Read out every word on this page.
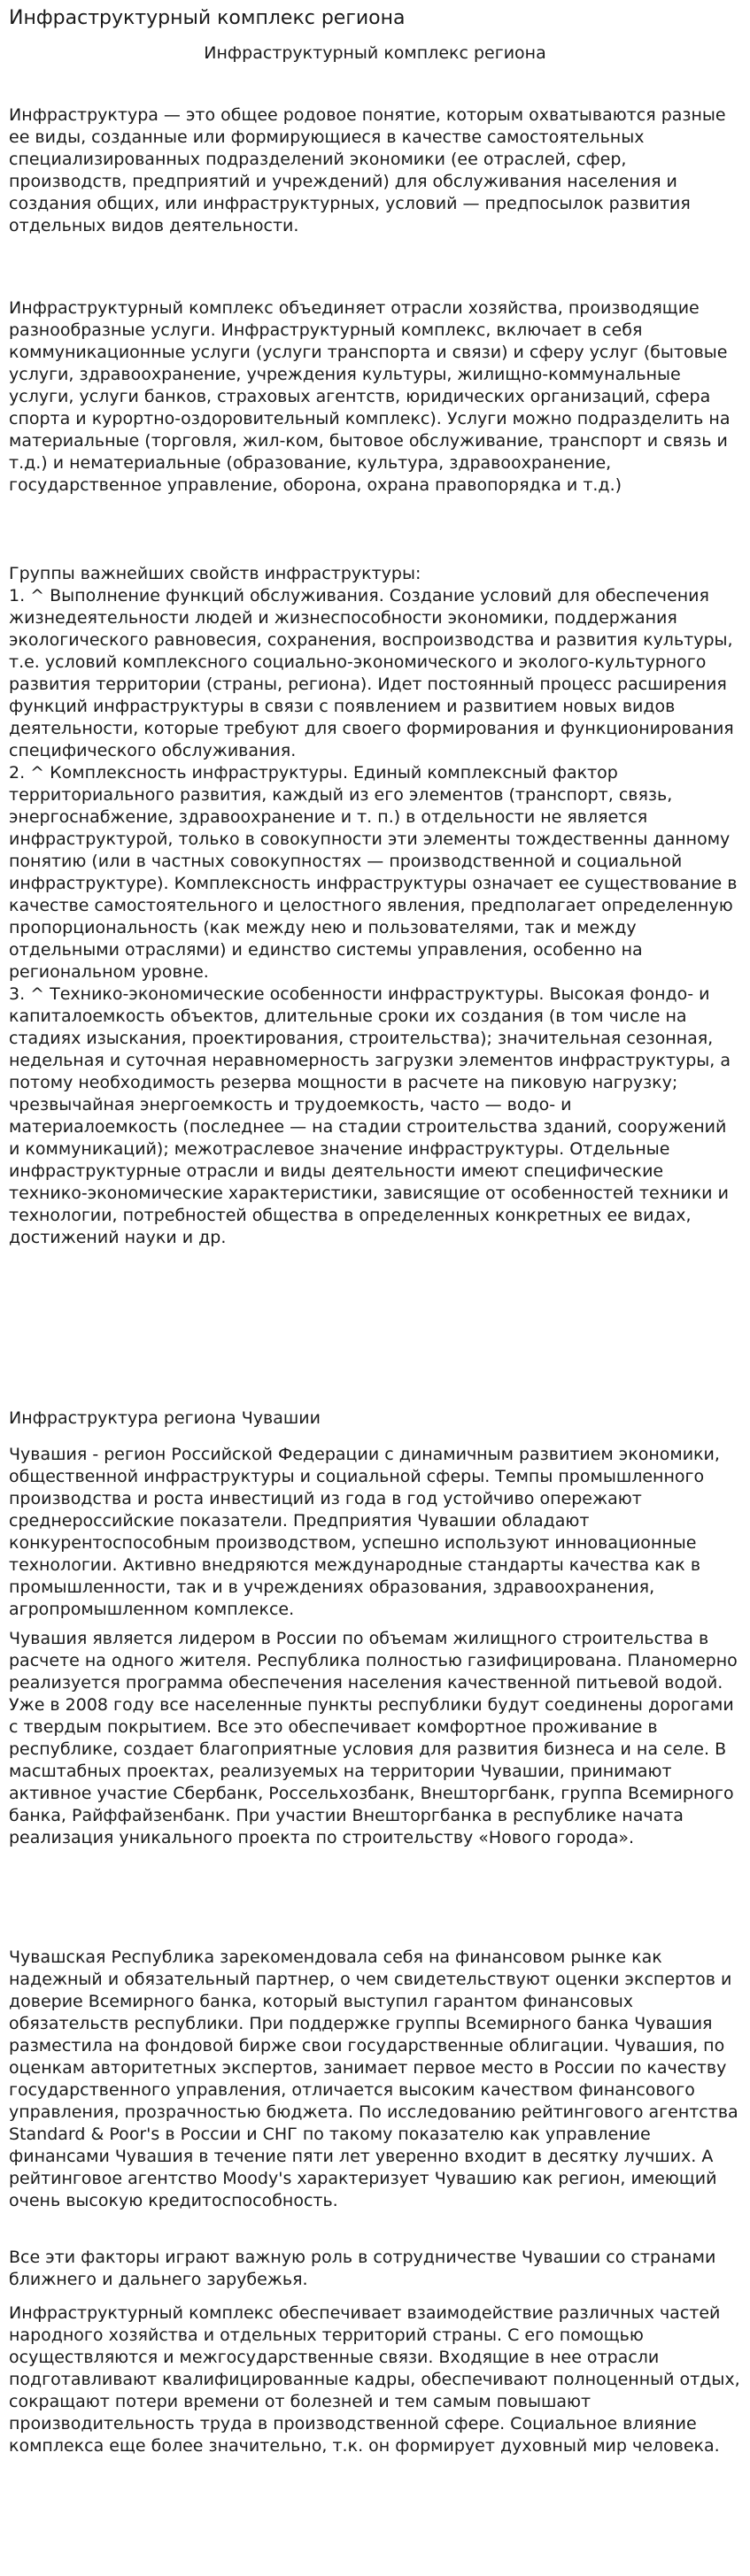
Инфраструктурный комплекс региона
Инфраструктурный комплекс региона

Инфраструктура — это общее родовое понятие, которым охватываются разные ее виды, созданные или формирующиеся в качестве самостоятельных специализированных подразделений экономики (ее отраслей, сфер, производств, предприятий и учреждений) для обслуживания населения и создания общих, или инфраструктурных, условий — предпосылок развития отдельных видов деятельности.

Инфраструктурный комплекс объединяет отрасли хозяйства, производящие разнообразные услуги. Инфраструктурный комплекс, включает в себя коммуникационные услуги (услуги транспорта и связи) и сферу услуг (бытовые услуги, здравоохранение, учреждения культуры, жилищно-коммунальные услуги, услуги банков, страховых агентств, юридических организаций, сфера спорта и курортно-оздоровительный комплекс). Услуги можно подразделить на материальные (торговля, жил-ком, бытовое обслуживание, транспорт и связь и т.д.) и нематериальные (образование, культура, здравоохранение, государственное управление, оборона, охрана правопорядка и т.д.)

Группы важнейших свойств инфраструктуры:

1. ^ Выполнение функций обслуживания. Создание условий для обеспечения жизнедеятельности людей и жизнеспособности экономики, поддержания экологического равновесия, сохранения, воспроизводства и развития культуры, т.е. условий комплексного социально-экономического и эколого-культурного развития территории (страны, региона). Идет постоянный процесс расширения функций инфраструктуры в связи с появлением и развитием новых видов деятельности, которые требуют для своего формирования и функционирования специфического обслуживания.

2. ^ Комплексность инфраструктуры. Единый комплексный фактор территориального развития, каждый из его элементов (транспорт, связь, энергоснабжение, здравоохранение и т. п.) в отдельности не является инфраструктурой, только в совокупности эти элементы тождественны данному понятию (или в частных совокупностях — производственной и социальной инфраструктуре). Комплексность инфраструктуры означает ее существование в качестве самостоятельного и целостного явления, предполагает определенную пропорциональность (как между нею и пользователями, так и между отдельными отраслями) и единство системы управления, особенно на региональном уровне.

3. ^ Технико-экономические особенности инфраструктуры. Высокая фондо- и капиталоемкость объектов, длительные сроки их создания (в том числе на стадиях изыскания, проектирования, строительства); значительная сезонная, недельная и суточная неравномерность загрузки элементов инфраструктуры, а потому необходимость резерва мощности в расчете на пиковую нагрузку; чрезвычайная энергоемкость и трудоемкость, часто — водо- и материалоемкость (последнее — на стадии строительства зданий, сооружений и коммуникаций); межотраслевое значение инфраструктуры. Отдельные инфраструктурные отрасли и виды деятельности имеют специфические технико-экономические характеристики, зависящие от особенностей техники и технологии, потребностей общества в определенных конкретных ее видах, достижений науки и др.

Инфраструктура региона Чувашии

Чувашия - регион Российской Федерации с динамичным развитием экономики, общественной инфраструктуры и социальной сферы. Темпы промышленного производства и роста инвестиций из года в год устойчиво опережают среднероссийские показатели. Предприятия Чувашии обладают конкурентоспособным производством, успешно используют инновационные технологии. Активно внедряются международные стандарты качества как в промышленности, так и в учреждениях образования, здравоохранения, агропромышленном комплексе.

Чувашия является лидером в России по объемам жилищного строительства в расчете на одного жителя. Республика полностью газифицирована. Планомерно реализуется программа обеспечения населения качественной питьевой водой. Уже в 2008 году все населенные пункты республики будут соединены дорогами с твердым покрытием. Все это обеспечивает комфортное проживание в республике, создает благоприятные условия для развития бизнеса и на селе. В масштабных проектах, реализуемых на территории Чувашии, принимают активное участие Сбербанк, Россельхозбанк, Внешторгбанк, группа Всемирного банка, Райффайзенбанк. При участии Внешторгбанка в республике начата реализация уникального проекта по строительству «Нового города».

Чувашская Республика зарекомендовала себя на финансовом рынке как надежный и обязательный партнер, о чем свидетельствуют оценки экспертов и доверие Всемирного банка, который выступил гарантом финансовых обязательств республики. При поддержке группы Всемирного банка Чувашия разместила на фондовой бирже свои государственные облигации. Чувашия, по оценкам авторитетных экспертов, занимает первое место в России по качеству государственного управления, отличается высоким качеством финансового управления, прозрачностью бюджета. По исследованию рейтингового агентства Standard & Poor's в России и СНГ по такому показателю как управление финансами Чувашия в течение пяти лет уверенно входит в десятку лучших. А рейтинговое агентство Moody's характеризует Чувашию как регион, имеющий очень высокую кредитоспособность.

Все эти факторы играют важную роль в сотрудничестве Чувашии со странами ближнего и дальнего зарубежья.

Инфраструктурный комплекс обеспечивает взаимодействие различных частей народного хозяйства и отдельных территорий страны. С его помощью осуществляются и межгосударственные связи. Входящие в нее отрасли подготавливают квалифицированные кадры, обеспечивают полноценный отдых, сокращают потери времени от болезней и тем самым повышают производительность труда в производственной сфере. Социальное влияние комплекса еще более значительно, т.к. он формирует духовный мир человека.
